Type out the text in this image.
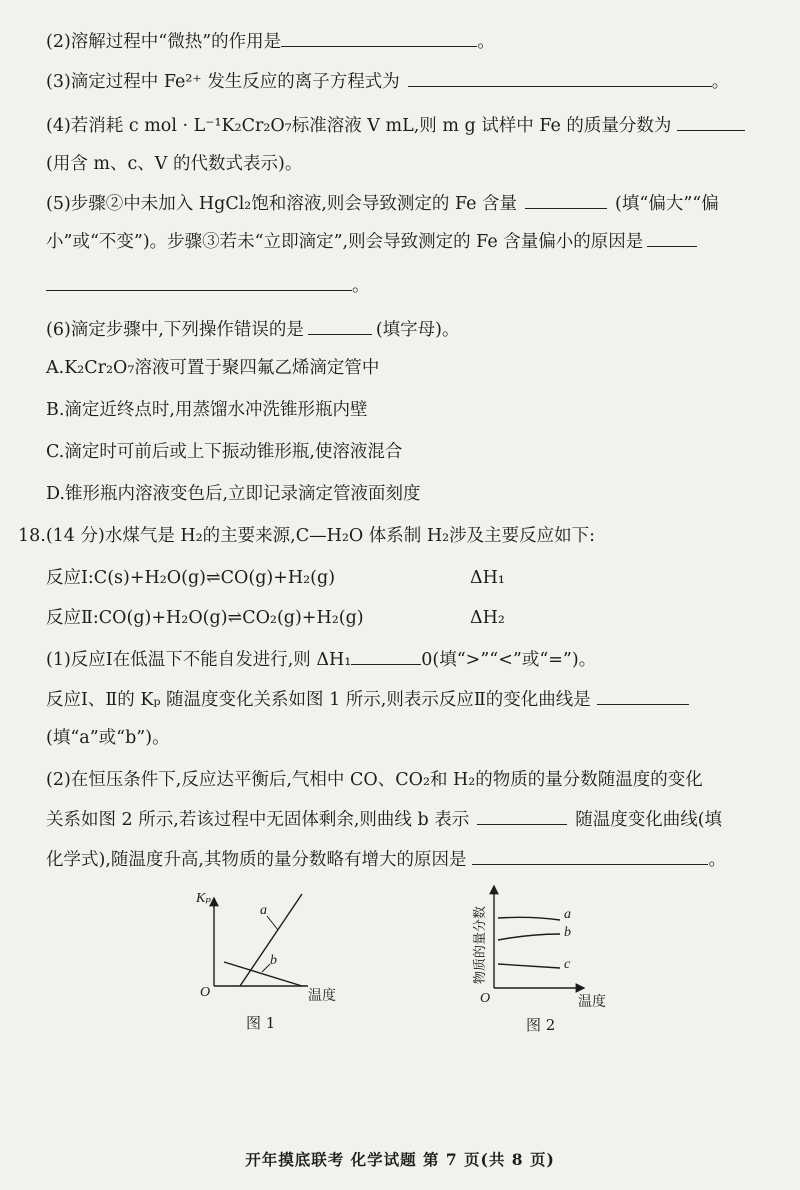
(2)溶解过程中“微热”的作用是	。
(3)滴定过程中 Fe²⁺ 发生反应的离子方程式为	。
(4)若消耗 c mol · L⁻¹K₂Cr₂O₇标准溶液 V mL,则 m g 试样中 Fe 的质量分数为
(用含 m、c、V 的代数式表示)。
(5)步骤②中未加入 HgCl₂饱和溶液,则会导致测定的 Fe 含量	(填“偏大”“偏
小”或“不变”)。步骤③若未“立即滴定”,则会导致测定的 Fe 含量偏小的原因是
。
(6)滴定步骤中,下列操作错误的是	(填字母)。
A.K₂Cr₂O₇溶液可置于聚四氟乙烯滴定管中
B.滴定近终点时,用蒸馏水冲洗锥形瓶内壁
C.滴定时可前后或上下振动锥形瓶,使溶液混合
D.锥形瓶内溶液变色后,立即记录滴定管液面刻度
18.(14 分)水煤气是 H₂的主要来源,C—H₂O 体系制 H₂涉及主要反应如下:
反应Ⅰ:C(s)+H₂O(g)⇌CO(g)+H₂(g)	ΔH₁
反应Ⅱ:CO(g)+H₂O(g)⇌CO₂(g)+H₂(g)	ΔH₂
(1)反应Ⅰ在低温下不能自发进行,则 ΔH₁	0(填“>”“<”或“=”)。
反应Ⅰ、Ⅱ的 Kₚ 随温度变化关系如图 1 所示,则表示反应Ⅱ的变化曲线是
(填“a”或“b”)。
(2)在恒压条件下,反应达平衡后,气相中 CO、CO₂和 H₂的物质的量分数随温度的变化
关系如图 2 所示,若该过程中无固体剩余,则曲线 b 表示	随温度变化曲线(填
化学式),随温度升高,其物质的量分数略有增大的原因是	。
Kₚ
O	温度
a
b
图 1
物质的量分数
O	温度
a
b
c
图 2
开年摸底联考 化学试题 第 7 页(共 8 页)
